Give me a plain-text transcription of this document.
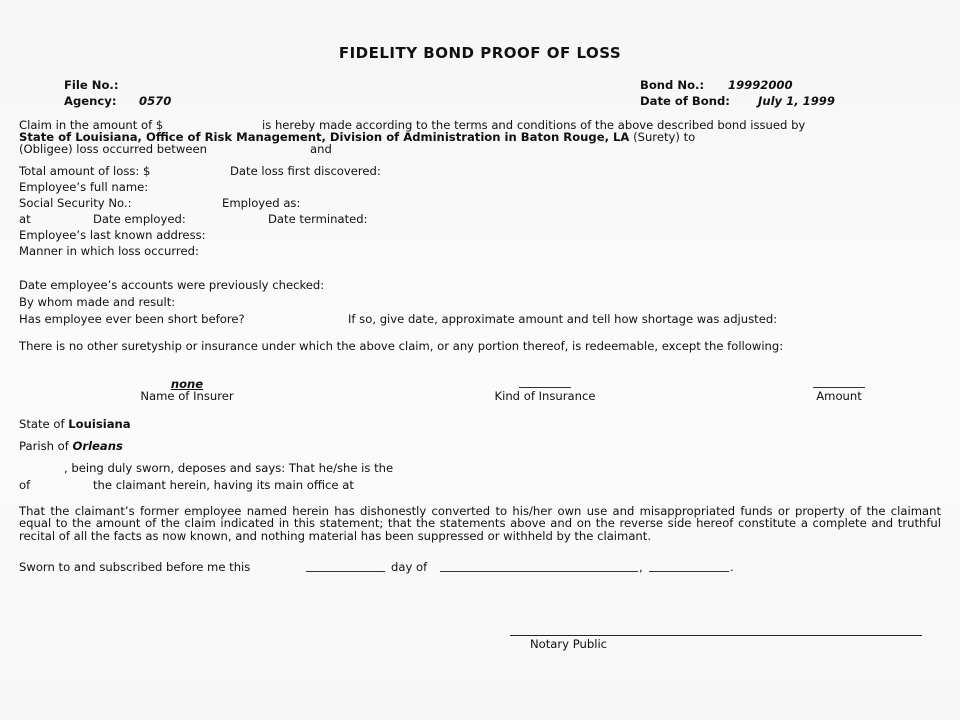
FIDELITY BOND PROOF OF LOSS
File No.:
Agency: 0570
Bond No.: 19992000
Date of Bond: July 1, 1999
Claim in the amount of $	is hereby made according to the terms and conditions of the above described bond issued by
State of Louisiana, Office of Risk Management, Division of Administration in Baton Rouge, LA (Surety) to
(Obligee) loss occurred between	and
Total amount of loss: $	Date loss first discovered:
Employee’s full name:
Social Security No.:	Employed as:
at	Date employed:	Date terminated:
Employee’s last known address:
Manner in which loss occurred:
Date employee’s accounts were previously checked:
By whom made and result:
Has employee ever been short before?	If so, give date, approximate amount and tell how shortage was adjusted:
There is no other suretyship or insurance under which the above claim, or any portion thereof, is redeemable, except the following:
none
Name of Insurer	Kind of Insurance	Amount
State of Louisiana
Parish of Orleans
, being duly sworn, deposes and says: That he/she is the
of	the claimant herein, having its main office at
That the claimant’s former employee named herein has dishonestly converted to his/her own use and misappropriated funds or property of the claimant equal to the amount of the claim indicated in this statement; that the statements above and on the reverse side hereof constitute a complete and truthful recital of all the facts as now known, and nothing material has been suppressed or withheld by the claimant.
Sworn to and subscribed before me this	day of	,	.
Notary Public
